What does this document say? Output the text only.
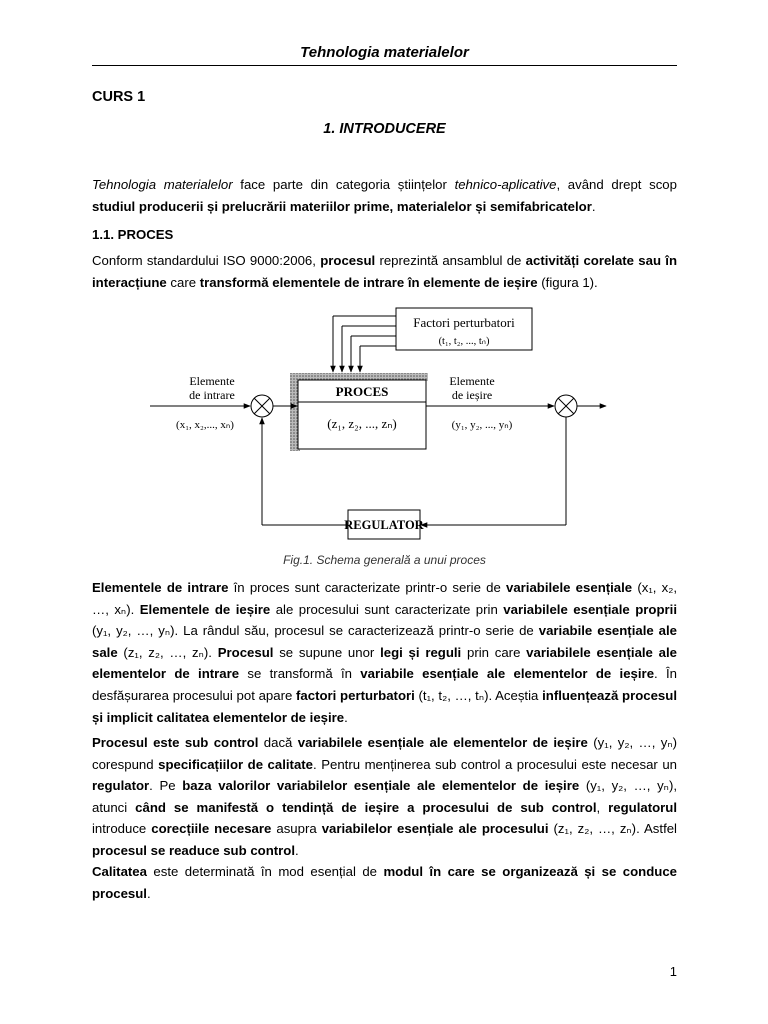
Tehnologia materialelor
CURS 1
1. INTRODUCERE
Tehnologia materialelor face parte din categoria științelor tehnico-aplicative, având drept scop studiul producerii și prelucrării materiilor prime, materialelor și semifabricatelor.
1.1. PROCES
Conform standardului ISO 9000:2006, procesul reprezintă ansamblul de activități corelate sau în interacțiune care transformă elementele de intrare în elemente de ieșire (figura 1).
Factori perturbatori
(t₁, t₂, ..., tₙ)
PROCES
(z₁, z₂, ..., zₙ)
Elemente
de intrare
(x₁, x₂,..., xₙ)
Elemente
de ieșire
(y₁, y₂, ..., yₙ)
REGULATOR
Fig.1. Schema generală a unui proces
Elementele de intrare în proces sunt caracterizate printr-o serie de variabilele esențiale (x₁, x₂, …, xₙ). Elementele de ieșire ale procesului sunt caracterizate prin variabilele esențiale proprii (y₁, y₂, …, yₙ). La rândul său, procesul se caracterizează printr-o serie de variabile esențiale ale sale (z₁, z₂, …, zₙ). Procesul se supune unor legi și reguli prin care variabilele esențiale ale elementelor de intrare se transformă în variabile esențiale ale elementelor de ieșire. În desfășurarea procesului pot apare factori perturbatori (t₁, t₂, …, tₙ). Aceștia influențează procesul și implicit calitatea elementelor de ieșire.
Procesul este sub control dacă variabilele esențiale ale elementelor de ieșire (y₁, y₂, …, yₙ) corespund specificațiilor de calitate. Pentru menținerea sub control a procesului este necesar un regulator. Pe baza valorilor variabilelor esențiale ale elementelor de ieșire (y₁, y₂, …, yₙ), atunci când se manifestă o tendință de ieșire a procesului de sub control, regulatorul introduce corecțiile necesare asupra variabilelor esențiale ale procesului (z₁, z₂, …, zₙ). Astfel procesul se readuce sub control.
Calitatea este determinată în mod esențial de modul în care se organizează și se conduce procesul.
1
